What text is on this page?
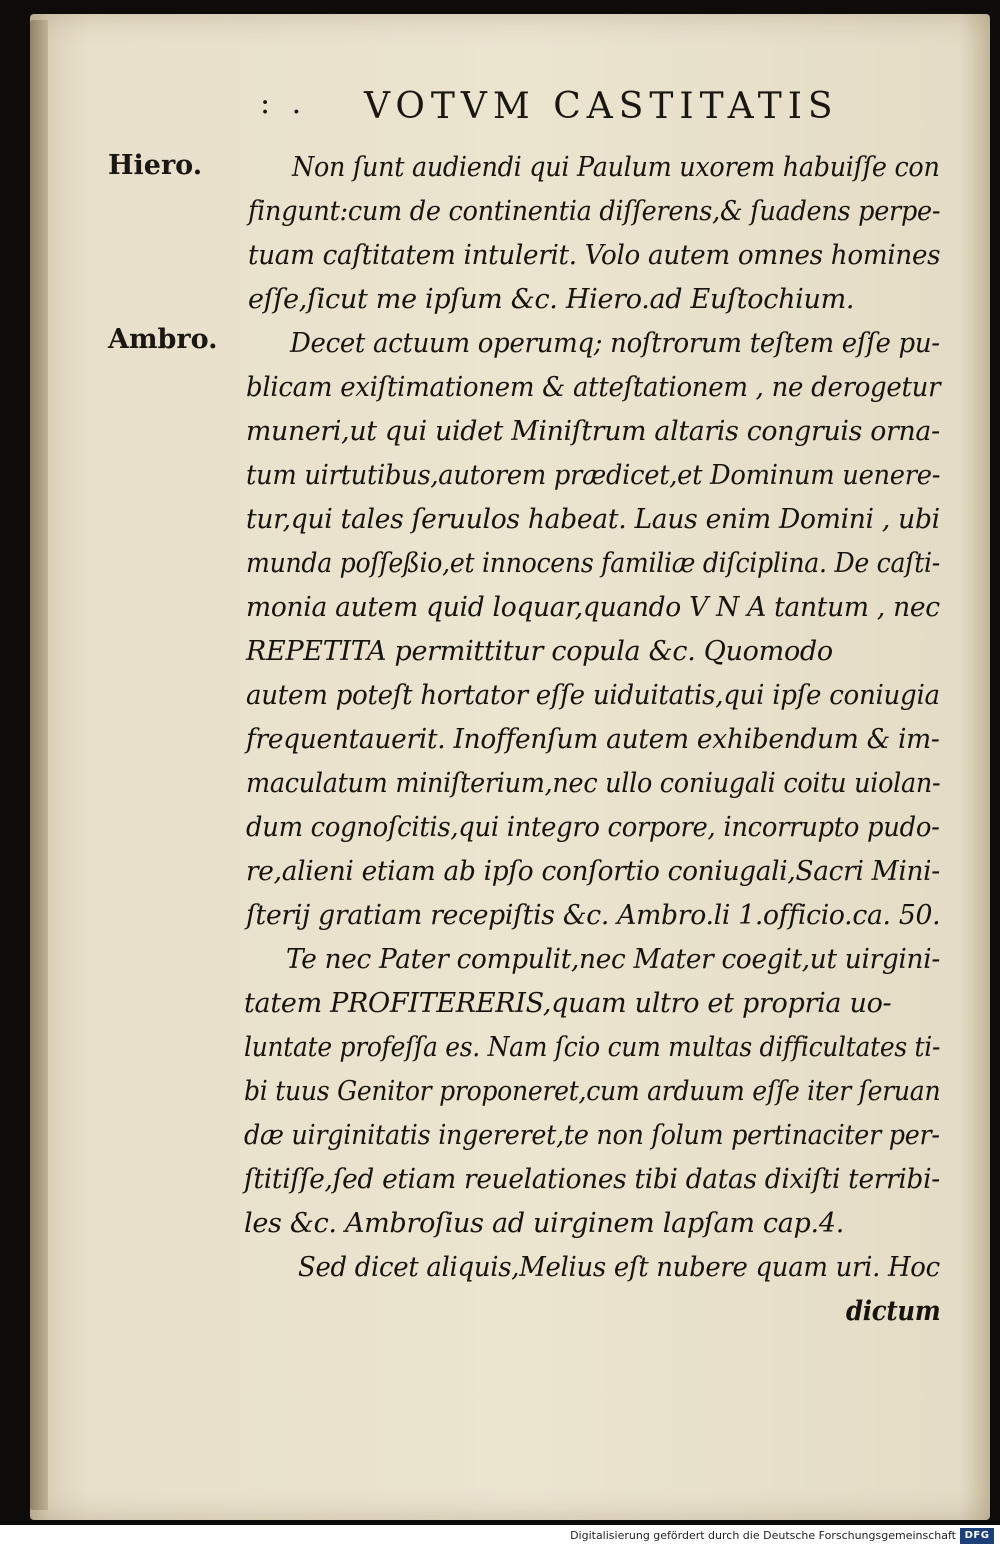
: . VOTVM CASTITATIS
Hiero.
Ambro.
Non ſunt audiendi qui Paulum uxorem habuiſſe con
fingunt:cum de continentia diſſerens,& ſuadens perpe-
tuam caſtitatem intulerit. Volo autem omnes homines
eſſe,ſicut me ipſum &c. Hiero.ad Euſtochium.
Decet actuum operumq; noſtrorum teſtem eſſe pu-
blicam exiſtimationem & atteſtationem , ne derogetur
muneri,ut qui uidet Miniſtrum altaris congruis orna-
tum uirtutibus,autorem prædicet,et Dominum uenere-
tur,qui tales ſeruulos habeat. Laus enim Domini , ubi
munda poſſeßio,et innocens familiæ diſciplina. De caſti-
monia autem quid loquar,quando V N A tantum , nec
REPETITA permittitur copula &c. Quomodo
autem poteſt hortator eſſe uiduitatis,qui ipſe coniugia
frequentauerit. Inoffenſum autem exhibendum & im-
maculatum miniſterium,nec ullo coniugali coitu uiolan-
dum cognoſcitis,qui integro corpore, incorrupto pudo-
re,alieni etiam ab ipſo conſortio coniugali,Sacri Mini-
ſterij gratiam recepiſtis &c. Ambro.li 1.officio.ca. 50.
Te nec Pater compulit,nec Mater coegit,ut uirgini-
tatem PROFITERERIS,quam ultro et propria uo-
luntate profeſſa es. Nam ſcio cum multas difficultates ti-
bi tuus Genitor proponeret,cum arduum eſſe iter ſeruan
dæ uirginitatis ingereret,te non ſolum pertinaciter per-
ſtitiſſe,ſed etiam reuelationes tibi datas dixiſti terribi-
les &c. Ambroſius ad uirginem lapſam cap.4.
Sed dicet aliquis,Melius eſt nubere quam uri. Hoc
dictum
Digitalisierung gefördert durch die Deutsche Forschungsgemeinschaft DFG
